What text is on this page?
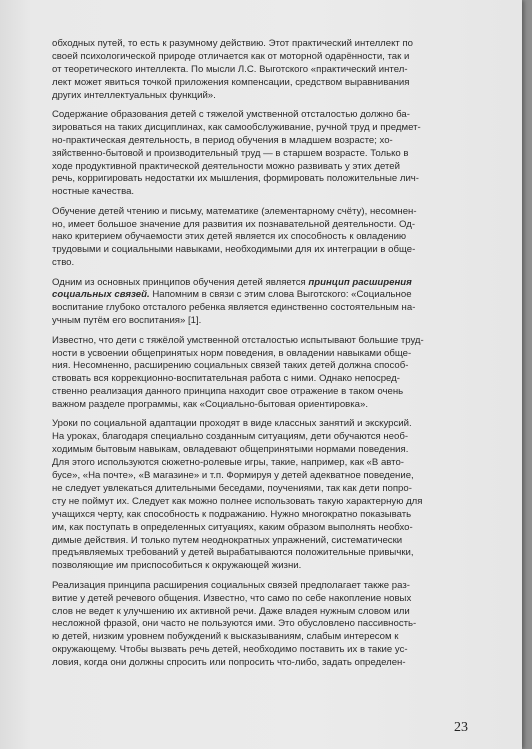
обходных путей, то есть к разумному действию. Этот практический интеллект по
своей психологической природе отличается как от моторной одарённости, так и
от теоретического интеллекта. По мысли Л.С. Выготского «практический интел-
лект может явиться точкой приложения компенсации, средством выравнивания
других интеллектуальных функций».

Содержание образования детей с тяжелой умственной отсталостью должно ба-
зироваться на таких дисциплинах, как самообслуживание, ручной труд и предмет-
но-практическая деятельность, в период обучения в младшем возрасте; хо-
зяйственно-бытовой и производительный труд — в старшем возрасте. Только в
ходе продуктивной практической деятельности можно развивать у этих детей
речь, корригировать недостатки их мышления, формировать положительные лич-
ностные качества.

Обучение детей чтению и письму, математике (элементарному счёту), несомнен-
но, имеет большое значение для развития их познавательной деятельности. Од-
нако критерием обучаемости этих детей является их способность к овладению
трудовыми и социальными навыками, необходимыми для их интеграции в обще-
ство.

Одним из основных принципов обучения детей является принцип расширения
социальных связей. Напомним в связи с этим слова Выготского: «Социальное
воспитание глубоко отсталого ребенка является единственно состоятельным на-
учным путём его воспитания» [1].

Известно, что дети с тяжёлой умственной отсталостью испытывают большие труд-
ности в усвоении общепринятых норм поведения, в овладении навыками обще-
ния. Несомненно, расширению социальных связей таких детей должна способ-
ствовать вся коррекционно-воспитательная работа с ними. Однако непосред-
ственно реализация данного принципа находит свое отражение в таком очень
важном разделе программы, как «Социально-бытовая ориентировка».

Уроки по социальной адаптации проходят в виде классных занятий и экскурсий.
На уроках, благодаря специально созданным ситуациям, дети обучаются необ-
ходимым бытовым навыкам, овладевают общепринятыми нормами поведения.
Для этого используются сюжетно-ролевые игры, такие, например, как «В авто-
бусе», «На почте», «В магазине» и т.п. Формируя у детей адекватное поведение,
не следует увлекаться длительными беседами, поучениями, так как дети попро-
сту не поймут их. Следует как можно полнее использовать такую характерную для
учащихся черту, как способность к подражанию. Нужно многократно показывать
им, как поступать в определенных ситуациях, каким образом выполнять необхо-
димые действия. И только путем неоднократных упражнений, систематически
предъявляемых требований у детей вырабатываются положительные привычки,
позволяющие им приспособиться к окружающей жизни.

Реализация принципа расширения социальных связей предполагает также раз-
витие у детей речевого общения. Известно, что само по себе накопление новых
слов не ведет к улучшению их активной речи. Даже владея нужным словом или
несложной фразой, они часто не пользуются ими. Это обусловлено пассивность-
ю детей, низким уровнем побуждений к высказываниям, слабым интересом к
окружающему. Чтобы вызвать речь детей, необходимо поставить их в такие ус-
ловия, когда они должны спросить или попросить что-либо, задать определен-

23
